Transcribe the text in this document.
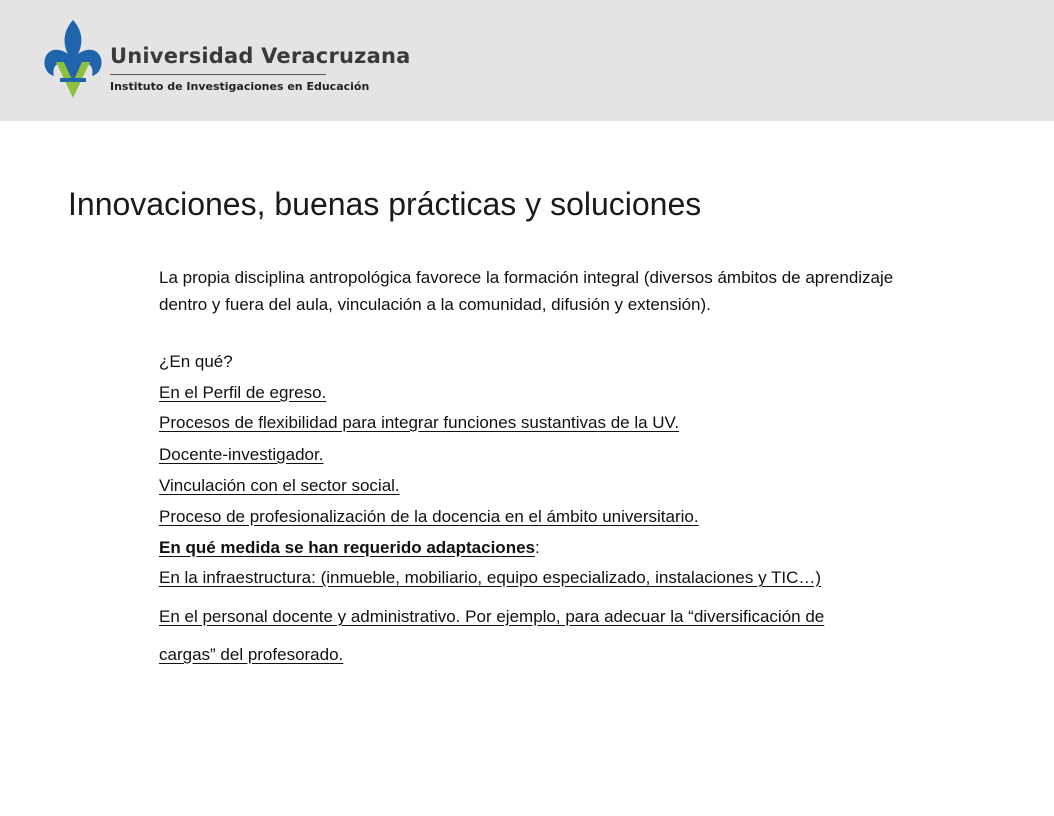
Universidad Veracruzana
Instituto de Investigaciones en Educación
Innovaciones, buenas prácticas y soluciones

La propia disciplina antropológica favorece la formación integral (diversos ámbitos de aprendizaje dentro y fuera del aula, vinculación a la comunidad, difusión y extensión).

¿En qué?

En el Perfil de egreso.

Procesos de flexibilidad para integrar funciones sustantivas de la UV.

Docente-investigador.

Vinculación con el sector social.

Proceso de profesionalización de la docencia en el ámbito universitario.

En qué medida se han requerido adaptaciones:

En la infraestructura: (inmueble, mobiliario, equipo especializado, instalaciones y TIC…)

En el personal docente y administrativo. Por ejemplo, para adecuar la “diversificación de

cargas” del profesorado.
